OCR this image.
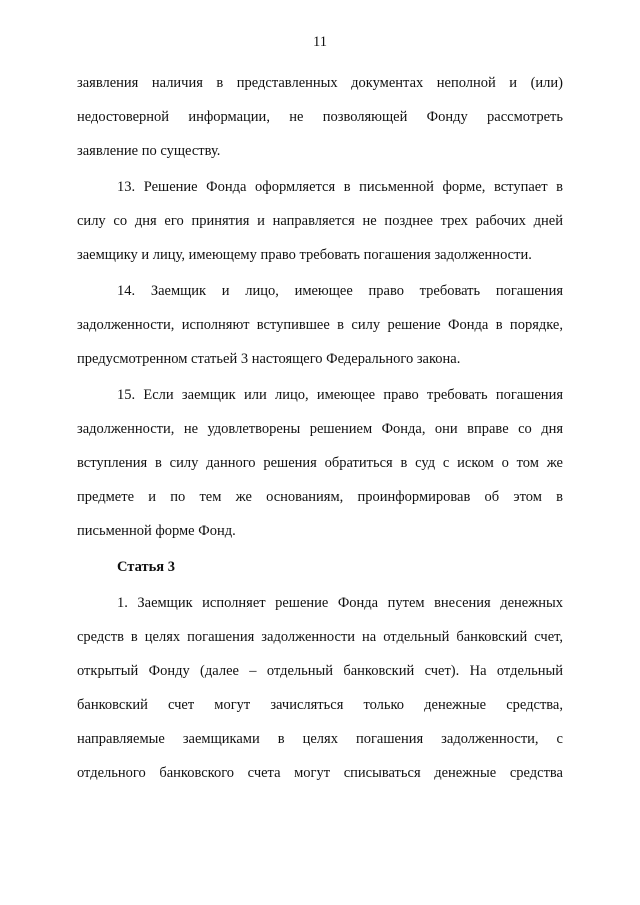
11
заявления наличия в представленных документах неполной и (или)
недостоверной информации, не позволяющей Фонду рассмотреть
заявление по существу.
13. Решение Фонда оформляется в письменной форме, вступает в
силу со дня его принятия и направляется не позднее трех рабочих дней
заемщику и лицу, имеющему право требовать погашения задолженности.
14. Заемщик и лицо, имеющее право требовать погашения
задолженности, исполняют вступившее в силу решение Фонда в порядке,
предусмотренном статьей 3 настоящего Федерального закона.
15. Если заемщик или лицо, имеющее право требовать погашения
задолженности, не удовлетворены решением Фонда, они вправе со дня
вступления в силу данного решения обратиться в суд с иском о том же
предмете и по тем же основаниям, проинформировав об этом в
письменной форме Фонд.
Статья 3
1. Заемщик исполняет решение Фонда путем внесения денежных
средств в целях погашения задолженности на отдельный банковский счет,
открытый Фонду (далее – отдельный банковский счет). На отдельный
банковский счет могут зачисляться только денежные средства,
направляемые заемщиками в целях погашения задолженности, с
отдельного банковского счета могут списываться денежные средства
